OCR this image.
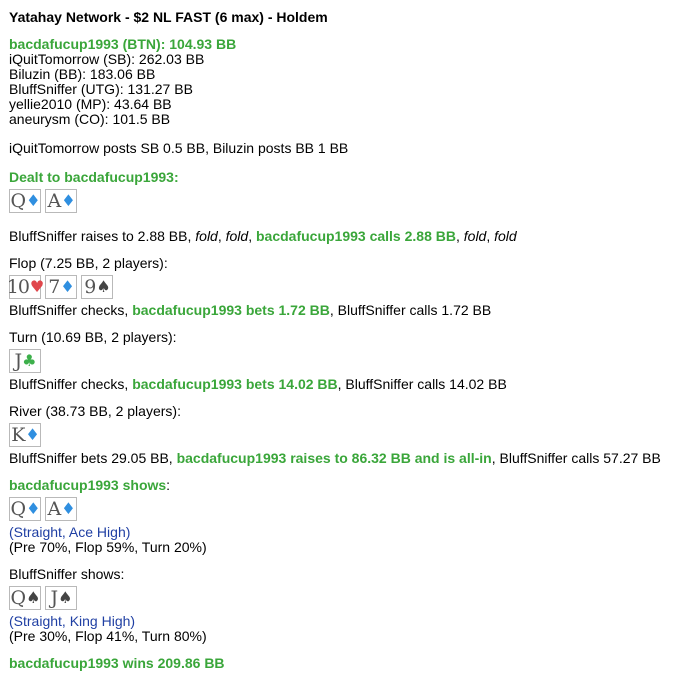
Yatahay Network - $2 NL FAST (6 max) - Holdem
bacdafucup1993 (BTN): 104.93 BB
iQuitTomorrow (SB): 262.03 BB
Biluzin (BB): 183.06 BB
BluffSniffer (UTG): 131.27 BB
yellie2010 (MP): 43.64 BB
aneurysm (CO): 101.5 BB
iQuitTomorrow posts SB 0.5 BB, Biluzin posts BB 1 BB
Dealt to bacdafucup1993:
Q ♦ A ♦
BluffSniffer raises to 2.88 BB, fold, fold, bacdafucup1993 calls 2.88 BB, fold, fold
Flop (7.25 BB, 2 players):
10 ♥ 7 ♦ 9 ♠
BluffSniffer checks, bacdafucup1993 bets 1.72 BB, BluffSniffer calls 1.72 BB
Turn (10.69 BB, 2 players):
J ♣
BluffSniffer checks, bacdafucup1993 bets 14.02 BB, BluffSniffer calls 14.02 BB
River (38.73 BB, 2 players):
K ♦
BluffSniffer bets 29.05 BB, bacdafucup1993 raises to 86.32 BB and is all-in, BluffSniffer calls 57.27 BB
bacdafucup1993 shows:
Q ♦ A ♦
(Straight, Ace High)
(Pre 70%, Flop 59%, Turn 20%)
BluffSniffer shows:
Q ♠ J ♠
(Straight, King High)
(Pre 30%, Flop 41%, Turn 80%)
bacdafucup1993 wins 209.86 BB
